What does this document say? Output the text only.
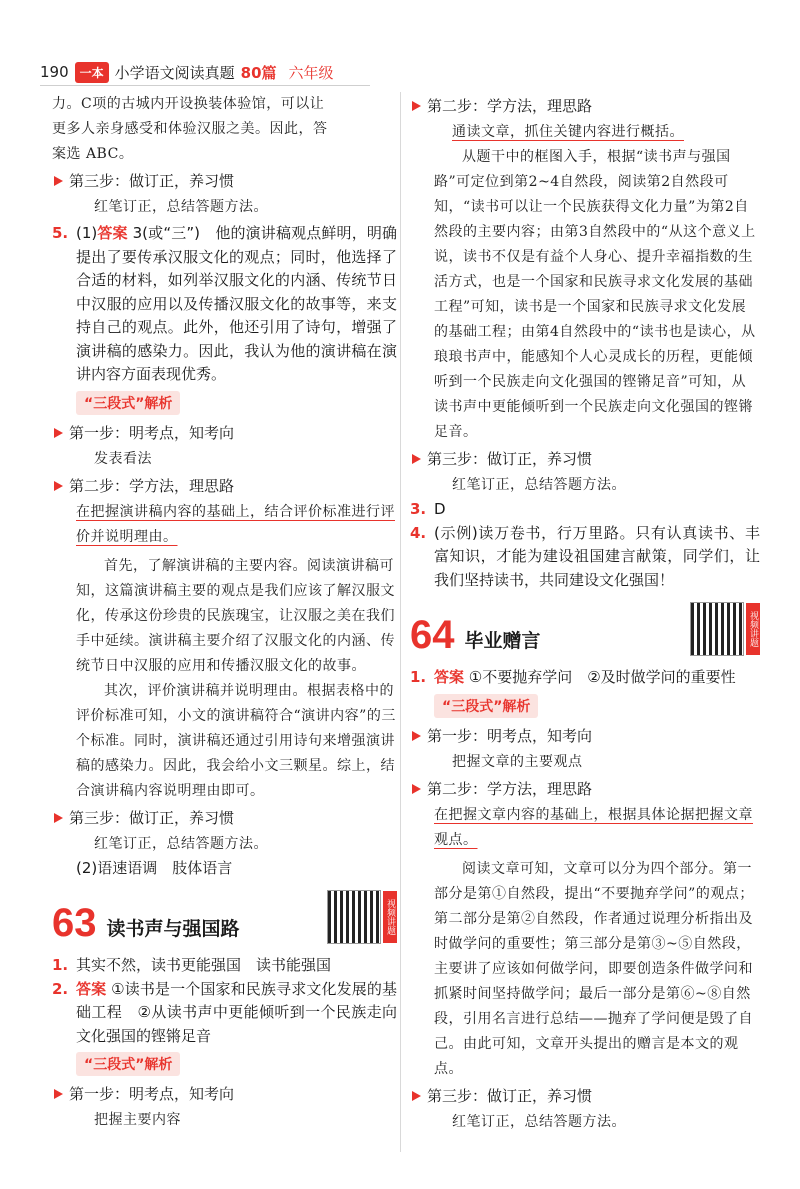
190 一本 小学语文阅读真题 80篇 六年级

力。C项的古城内开设换装体验馆，可以让
更多人亲身感受和体验汉服之美。因此，答
案选 ABC。

第三步：做订正，养习惯

红笔订正，总结答题方法。

5. (1)答案 3(或“三”)　他的演讲稿观点鲜明，明确提出了要传承汉服文化的观点；同时，他选择了合适的材料，如列举汉服文化的内涵、传统节日中汉服的应用以及传播汉服文化的故事等，来支持自己的观点。此外，他还引用了诗句，增强了演讲稿的感染力。因此，我认为他的演讲稿在演讲内容方面表现优秀。

“三段式”解析
第一步：明考点，知考向

发表看法

第二步：学方法，理思路

在把握演讲稿内容的基础上，结合评价标准进行评价并说明理由。

首先，了解演讲稿的主要内容。阅读演讲稿可知，这篇演讲稿主要的观点是我们应该了解汉服文化，传承这份珍贵的民族瑰宝，让汉服之美在我们手中延续。演讲稿主要介绍了汉服文化的内涵、传统节日中汉服的应用和传播汉服文化的故事。

其次，评价演讲稿并说明理由。根据表格中的评价标准可知，小文的演讲稿符合“演讲内容”的三个标准。同时，演讲稿还通过引用诗句来增强演讲稿的感染力。因此，我会给小文三颗星。综上，结合演讲稿内容说明理由即可。

第三步：做订正，养习惯

红笔订正，总结答题方法。

(2)语速语调　肢体语言

63 读书声与强国路	视频讲题
1. 其实不然，读书更能强国　读书能强国

2. 答案 ①读书是一个国家和民族寻求文化发展的基础工程　②从读书声中更能倾听到一个民族走向文化强国的铿锵足音

“三段式”解析
第一步：明考点，知考向

把握主要内容

第二步：学方法，理思路

通读文章，抓住关键内容进行概括。

从题干中的框图入手，根据“读书声与强国路”可定位到第2~4自然段，阅读第2自然段可知，“读书可以让一个民族获得文化力量”为第2自然段的主要内容；由第3自然段中的“从这个意义上说，读书不仅是有益个人身心、提升幸福指数的生活方式，也是一个国家和民族寻求文化发展的基础工程”可知，读书是一个国家和民族寻求文化发展的基础工程；由第4自然段中的“读书也是读心，从琅琅书声中，能感知个人心灵成长的历程，更能倾听到一个民族走向文化强国的铿锵足音”可知，从读书声中更能倾听到一个民族走向文化强国的铿锵足音。

第三步：做订正，养习惯

红笔订正，总结答题方法。

3. D

4. (示例)读万卷书，行万里路。只有认真读书、丰富知识，才能为建设祖国建言献策，同学们，让我们坚持读书，共同建设文化强国！

64 毕业赠言	视频讲题
1. 答案 ①不要抛弃学问　②及时做学问的重要性

“三段式”解析
第一步：明考点，知考向

把握文章的主要观点

第二步：学方法，理思路

在把握文章内容的基础上，根据具体论据把握文章观点。

阅读文章可知，文章可以分为四个部分。第一部分是第①自然段，提出“不要抛弃学问”的观点；第二部分是第②自然段，作者通过说理分析指出及时做学问的重要性；第三部分是第③~⑤自然段，主要讲了应该如何做学问，即要创造条件做学问和抓紧时间坚持做学问；最后一部分是第⑥~⑧自然段，引用名言进行总结——抛弃了学问便是毁了自己。由此可知，文章开头提出的赠言是本文的观点。

第三步：做订正，养习惯

红笔订正，总结答题方法。
